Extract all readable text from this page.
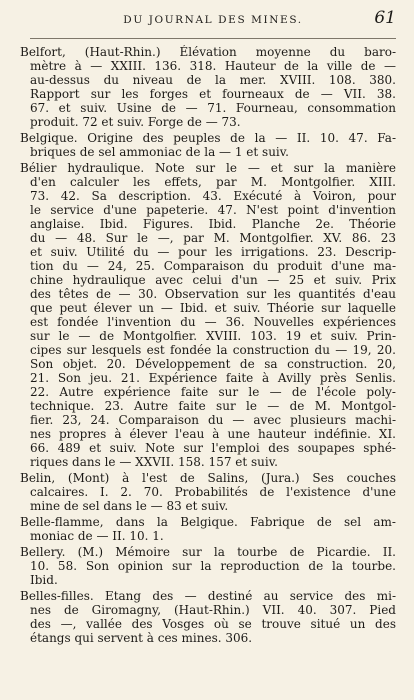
DU JOURNAL DES MINES.	61
Belfort, (Haut-Rhin.) Élévation moyenne du baro-
mètre à — XXIII. 136. 318. Hauteur de la ville de —
au-dessus du niveau de la mer. XVIII. 108. 380.
Rapport sur les forges et fourneaux de — VII. 38.
67. et suiv. Usine de — 71. Fourneau, consommation
produit. 72 et suiv. Forge de — 73.
Belgique. Origine des peuples de la — II. 10. 47. Fa-
briques de sel ammoniac de la — 1 et suiv.
Bélier hydraulique. Note sur le — et sur la manière
d'en calculer les effets, par M. Montgolfier. XIII.
73. 42. Sa description. 43. Exécuté à Voiron, pour
le service d'une papeterie. 47. N'est point d'invention
anglaise. Ibid. Figures. Ibid. Planche 2e. Théorie
du — 48. Sur le —, par M. Montgolfier. XV. 86. 23
et suiv. Utilité du — pour les irrigations. 23. Descrip-
tion du — 24, 25. Comparaison du produit d'une ma-
chine hydraulique avec celui d'un — 25 et suiv. Prix
des têtes de — 30. Observation sur les quantités d'eau
que peut élever un — Ibid. et suiv. Théorie sur laquelle
est fondée l'invention du — 36. Nouvelles expériences
sur le — de Montgolfier. XVIII. 103. 19 et suiv. Prin-
cipes sur lesquels est fondée la construction du — 19, 20.
Son objet. 20. Développement de sa construction. 20,
21. Son jeu. 21. Expérience faite à Avilly près Senlis.
22. Autre expérience faite sur le — de l'école poly-
technique. 23. Autre faite sur le — de M. Montgol-
fier. 23, 24. Comparaison du — avec plusieurs machi-
nes propres à élever l'eau à une hauteur indéfinie. XI.
66. 489 et suiv. Note sur l'emploi des soupapes sphé-
riques dans le — XXVII. 158. 157 et suiv.
Belin, (Mont) à l'est de Salins, (Jura.) Ses couches
calcaires. I. 2. 70. Probabilités de l'existence d'une
mine de sel dans le — 83 et suiv.
Belle-flamme, dans la Belgique. Fabrique de sel am-
moniac de — II. 10. 1.
Bellery. (M.) Mémoire sur la tourbe de Picardie. II.
10. 58. Son opinion sur la reproduction de la tourbe.
Ibid.
Belles-filles. Etang des — destiné au service des mi-
nes de Giromagny, (Haut-Rhin.) VII. 40. 307. Pied
des —, vallée des Vosges où se trouve situé un des
étangs qui servent à ces mines. 306.
